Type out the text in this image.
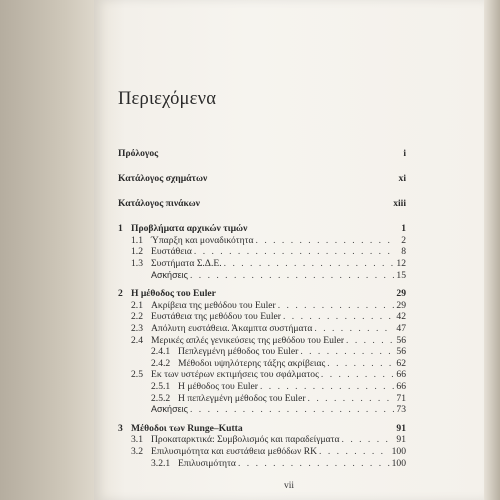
Περιεχόμενα
Πρόλογος	i
Κατάλογος σχημάτων	xi
Κατάλογος πινάκων	xiii
1 Προβλήματα αρχικών τιμών	1
1.1 Ύπαρξη και μοναδικότητα . . .	2
1.2 Ευστάθεια . . .	8
1.3 Συστήματα Σ.Δ.Ε. . . .	12
Ασκήσεις . . .	15
2 Η μέθοδος του Euler	29
2.1 Ακρίβεια της μεθόδου του Euler . . .	29
2.2 Ευστάθεια της μεθόδου του Euler . . .	42
2.3 Απόλυτη ευστάθεια. Άκαμπτα συστήματα . . .	47
2.4 Μερικές απλές γενικεύσεις της μεθόδου του Euler . . .	56
2.4.1 Πεπλεγμένη μέθοδος του Euler . . .	56
2.4.2 Μέθοδοι υψηλότερης τάξης ακρίβειας . . .	62
2.5 Εκ των υστέρων εκτιμήσεις του σφάλματος . . .	66
2.5.1 Η μέθοδος του Euler . . .	66
2.5.2 Η πεπλεγμένη μέθοδος του Euler . . .	71
Ασκήσεις . . .	73
3 Μέθοδοι των Runge–Kutta	91
3.1 Προκαταρκτικά: Συμβολισμός και παραδείγματα . . .	91
3.2 Επιλυσιμότητα και ευστάθεια μεθόδων RK . . .	100
3.2.1 Επιλυσιμότητα . . .	100
vii
